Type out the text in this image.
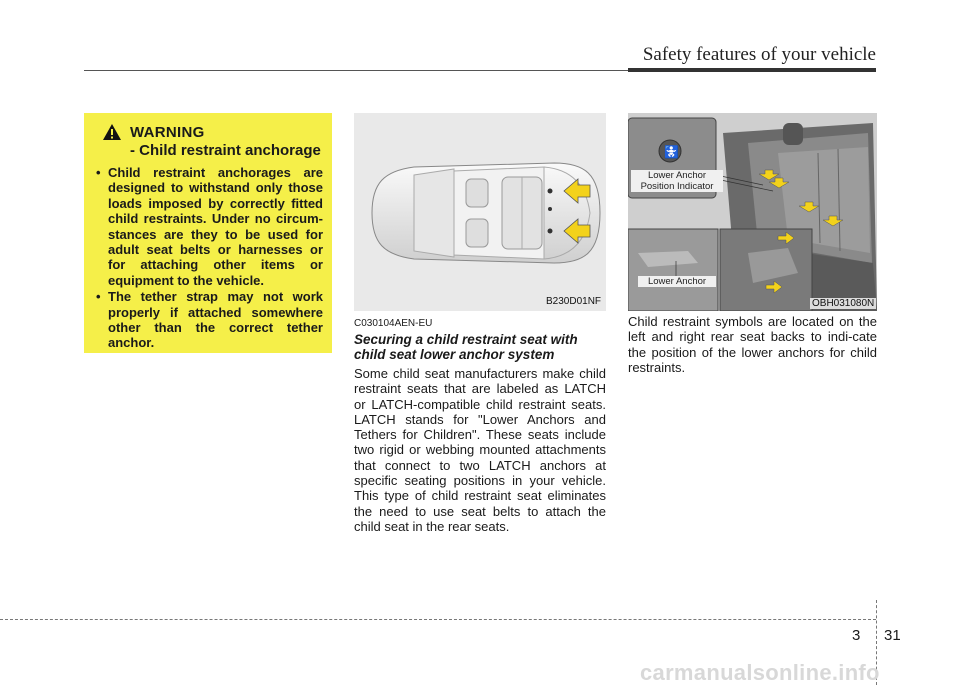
Safety features of your vehicle
WARNING
- Child restraint anchorage
• Child restraint anchorages are designed to withstand only those loads imposed by correctly fitted child restraints. Under no circum-stances are they to be used for adult seat belts or harnesses or for attaching other items or equipment to the vehicle.
• The tether strap may not work properly if attached somewhere other than the correct tether anchor.
B230D01NF
🚼
Lower Anchor
Position Indicator
Lower Anchor
OBH031080N
C030104AEN-EU
Securing a child restraint seat with child seat lower anchor system

Some child seat manufacturers make child restraint seats that are labeled as LATCH or LATCH-compatible child restraint seats. LATCH stands for "Lower Anchors and Tethers for Children". These seats include two rigid or webbing mounted attachments that connect to two LATCH anchors at specific seating positions in your vehicle. This type of child restraint seat eliminates the need to use seat belts to attach the child seat in the rear seats.

Child restraint symbols are located on the left and right rear seat backs to indi-cate the position of the lower anchors for child restraints.

3 31
carmanualsonline.info
